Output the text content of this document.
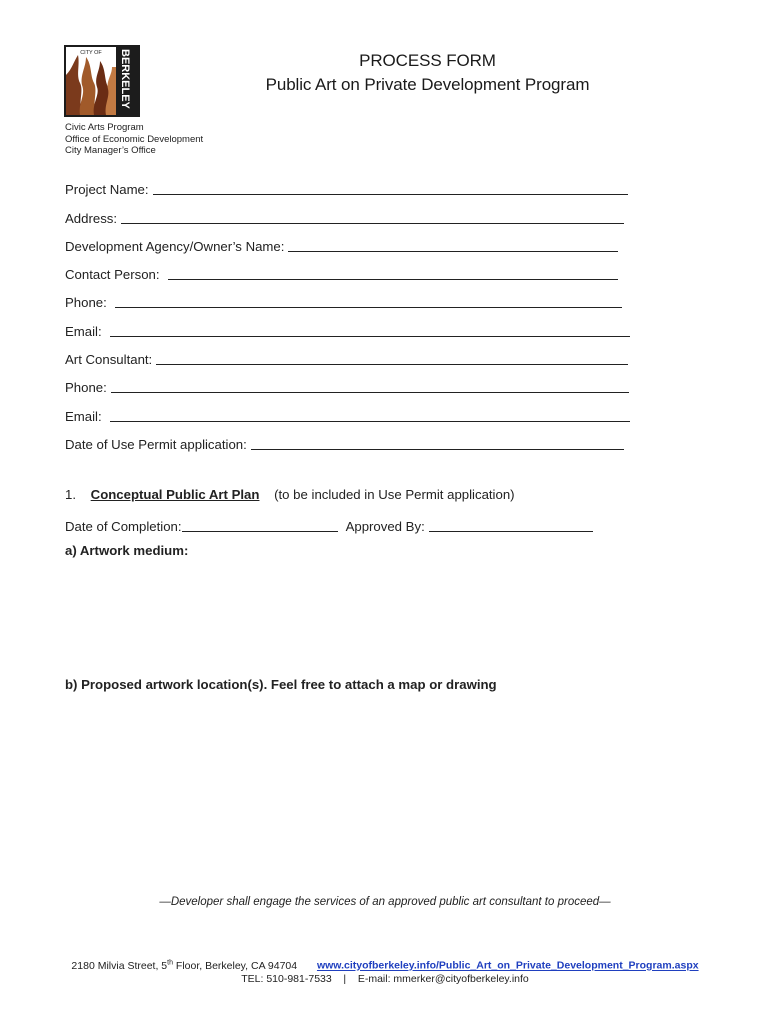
CITY OF BERKELEY	PROCESS FORM
Public Art on Private Development Program
Civic Arts Program
Office of Economic Development
City Manager’s Office
Project Name:
Address:
Development Agency/Owner’s Name:
Contact Person:
Phone:
Email:
Art Consultant:
Phone:
Email:
Date of Use Permit application:
1. Conceptual Public Art Plan (to be included in Use Permit application)
Date of Completion:	Approved By:
a) Artwork medium:
b) Proposed artwork location(s). Feel free to attach a map or drawing
—Developer shall engage the services of an approved public art consultant to proceed—
2180 Milvia Street, 5th Floor, Berkeley, CA 94704 www.cityofberkeley.info/Public_Art_on_Private_Development_Program.aspx
TEL: 510-981-7533 | E-mail: mmerker@cityofberkeley.info
